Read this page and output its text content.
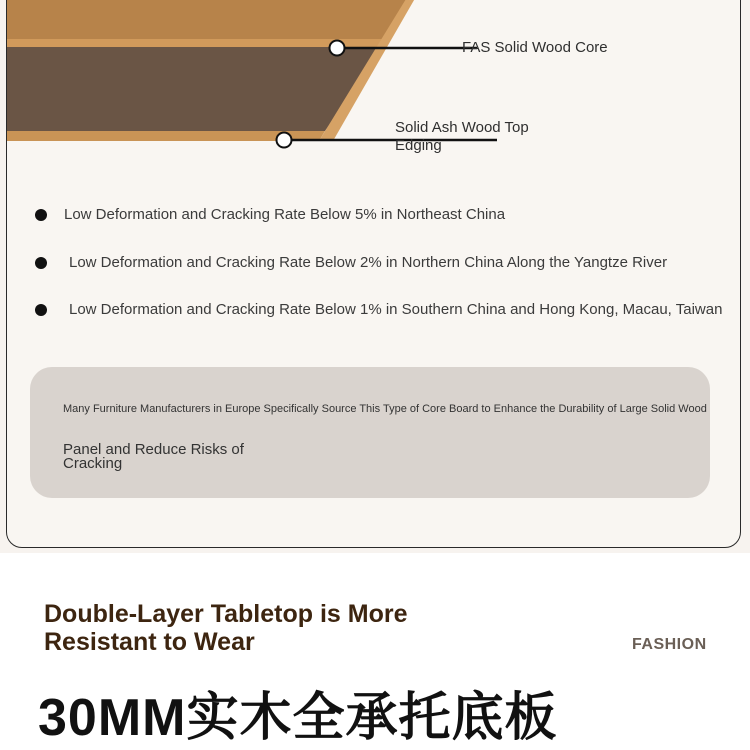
FAS Solid Wood Core
Solid Ash Wood Top Edging
Low Deformation and Cracking Rate Below 5% in Northeast China
Low Deformation and Cracking Rate Below 2% in Northern China Along the Yangtze River
Low Deformation and Cracking Rate Below 1% in Southern China and Hong Kong, Macau, Taiwan
Many Furniture Manufacturers in Europe Specifically Source This Type of Core Board to Enhance the Durability of Large Solid Wood
Panel and Reduce Risks of Cracking
Double-Layer Tabletop is More Resistant to Wear	FASHION
30MM实木全承托底板
